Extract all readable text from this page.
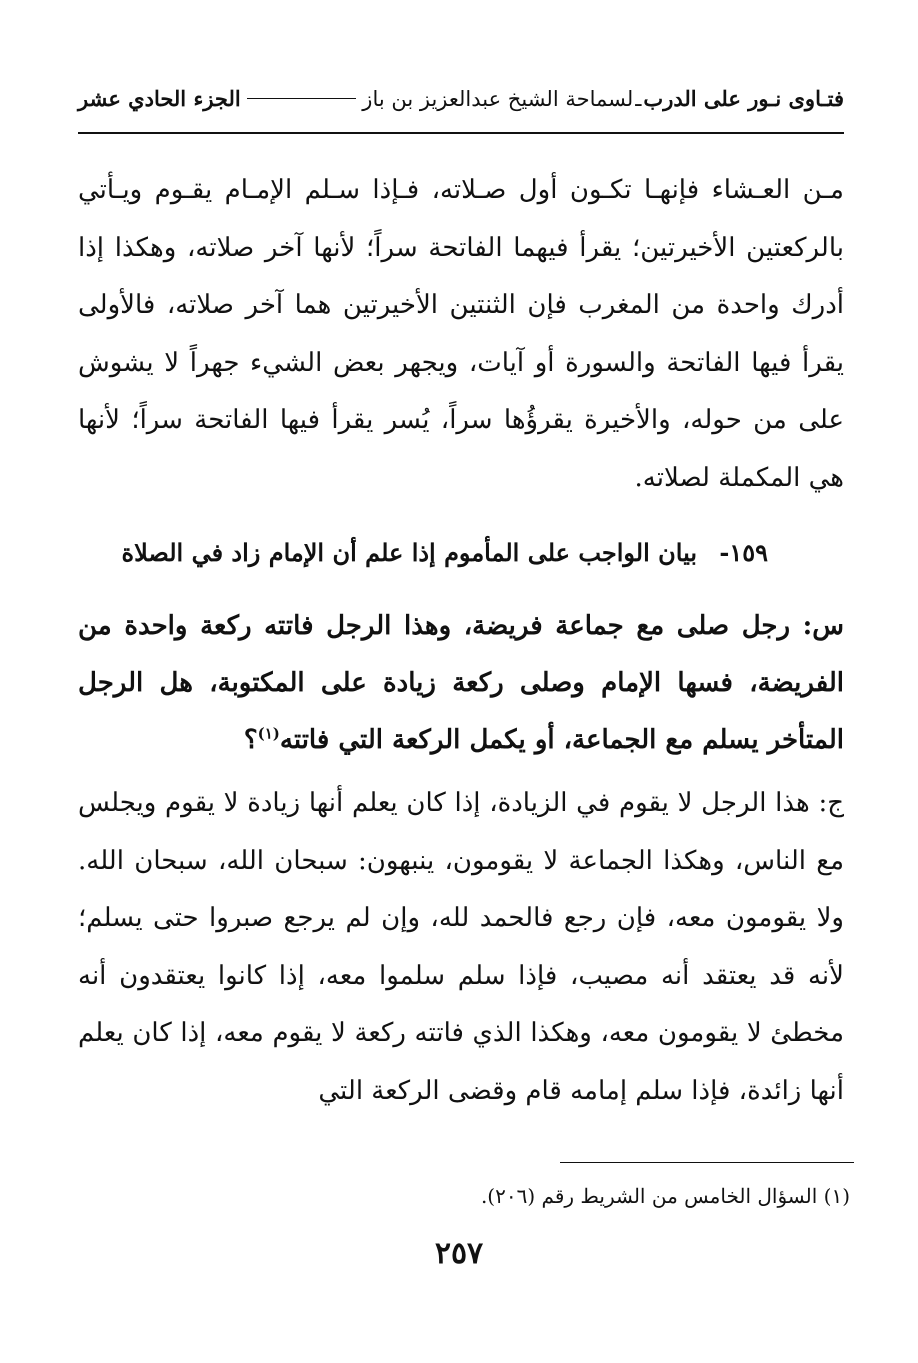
فتـاوى نـور على الدرب
ـ
لسماحة الشيخ عبدالعزيز بن باز
الجزء الحادي عشر

مـن العـشاء فإنهـا تكـون أول صـلاته، فـإذا سـلم الإمـام يقـوم ويـأتي بالركعتين الأخيرتين؛ يقرأ فيهما الفاتحة سراً؛ لأنها آخر صلاته، وهكذا إذا أدرك واحدة من المغرب فإن الثنتين الأخيرتين هما آخر صلاته، فالأولى يقرأ فيها الفاتحة والسورة أو آيات، ويجهر بعض الشيء جهراً لا يشوش على من حوله، والأخيرة يقرؤُها سراً، يُسر يقرأ فيها الفاتحة سراً؛ لأنها هي المكملة لصلاته.

١٥٩- بيان الواجب على المأموم إذا علم أن الإمام زاد في الصلاة

س: رجل صلى مع جماعة فريضة، وهذا الرجل فاتته ركعة واحدة من الفريضة، فسها الإمام وصلى ركعة زيادة على المكتوبة، هل الرجل المتأخر يسلم مع الجماعة، أو يكمل الركعة التي فاتته$^{(١)}$؟

ج: هذا الرجل لا يقوم في الزيادة، إذا كان يعلم أنها زيادة لا يقوم ويجلس مع الناس، وهكذا الجماعة لا يقومون، ينبهون: سبحان الله، سبحان الله. ولا يقومون معه، فإن رجع فالحمد لله، وإن لم يرجع صبروا حتى يسلم؛ لأنه قد يعتقد أنه مصيب، فإذا سلم سلموا معه، إذا كانوا يعتقدون أنه مخطئ لا يقومون معه، وهكذا الذي فاتته ركعة لا يقوم معه، إذا كان يعلم أنها زائدة، فإذا سلم إمامه قام وقضى الركعة التي

(١) السؤال الخامس من الشريط رقم (٢٠٦).

٢٥٧
